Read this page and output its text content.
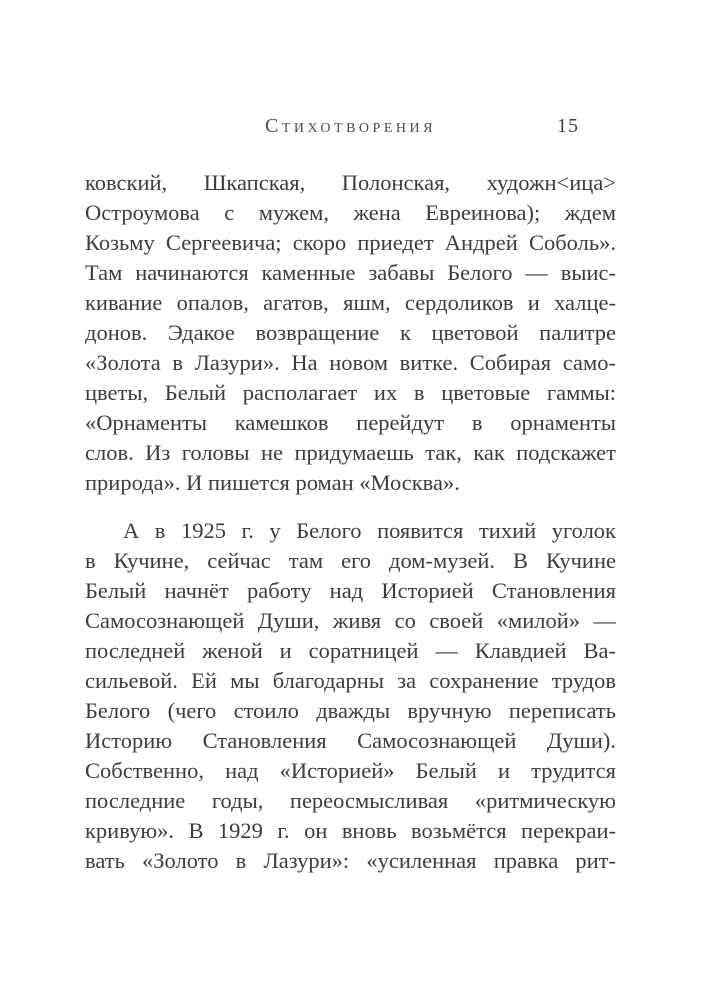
Стихотворения	15
ковский, Шкапская, Полонская, художн<ица>
Остроумова с мужем, жена Евреинова); ждем
Козьму Сергеевича; скоро приедет Андрей Соболь».
Там начинаются каменные забавы Белого — выис-
кивание опалов, агатов, яшм, сердоликов и халце-
донов. Эдакое возвращение к цветовой палитре
«Золота в Лазури». На новом витке. Собирая само-
цветы, Белый располагает их в цветовые гаммы:
«Орнаменты камешков перейдут в орнаменты
слов. Из головы не придумаешь так, как подскажет
природа». И пишется роман «Москва».
А в 1925 г. у Белого появится тихий уголок
в Кучине, сейчас там его дом-музей. В Кучине
Белый начнёт работу над Историей Становления
Самосознающей Души, живя со своей «милой» —
последней женой и соратницей — Клавдией Ва-
сильевой. Ей мы благодарны за сохранение трудов
Белого (чего стоило дважды вручную переписать
Историю Становления Самосознающей Души).
Собственно, над «Историей» Белый и трудится
последние годы, переосмысливая «ритмическую
кривую». В 1929 г. он вновь возьмётся перекраи-
вать «Золото в Лазури»: «усиленная правка рит-
